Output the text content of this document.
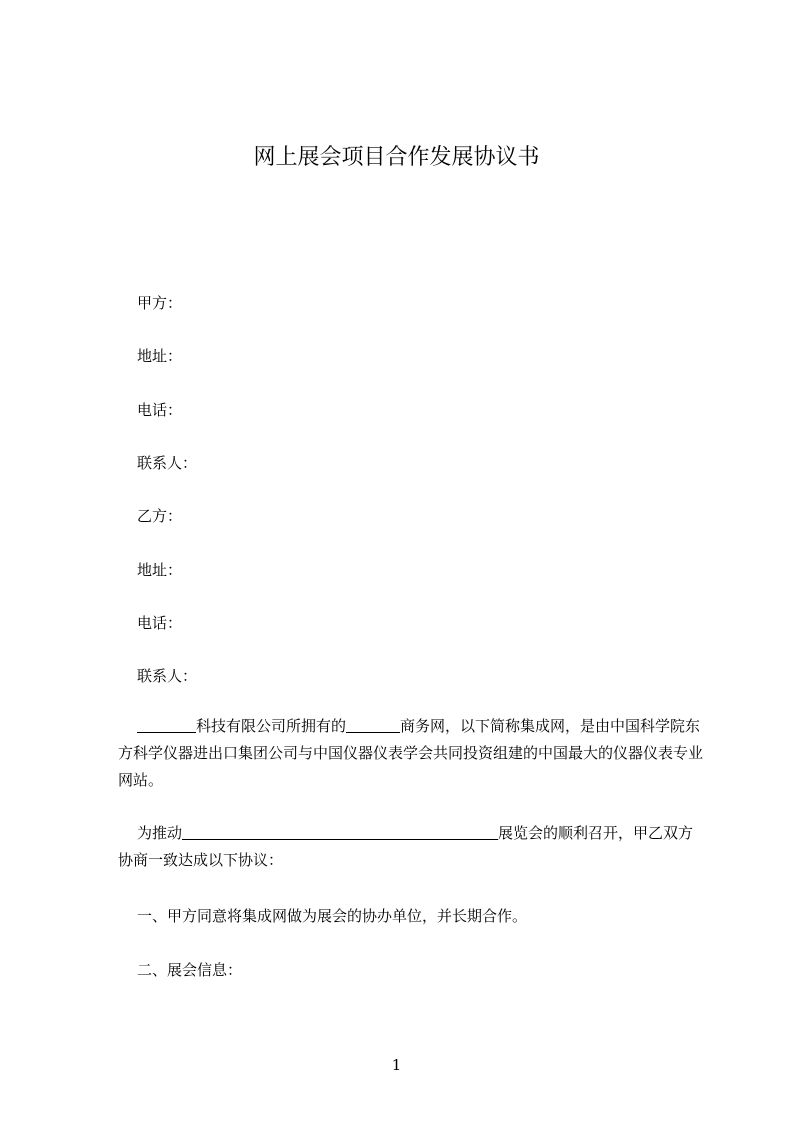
网上展会项目合作发展协议书
甲方：
地址：
电话：
联系人：
乙方：
地址：
电话：
联系人：
科技有限公司所拥有的	商务网，以下简称集成网，是由中国科学院东方科学仪器进出口集团公司与中国仪器仪表学会共同投资组建的中国最大的仪器仪表专业网站。
为推动	展览会的顺利召开，甲乙双方协商一致达成以下协议：
一、甲方同意将集成网做为展会的协办单位，并长期合作。
二、展会信息：
1
